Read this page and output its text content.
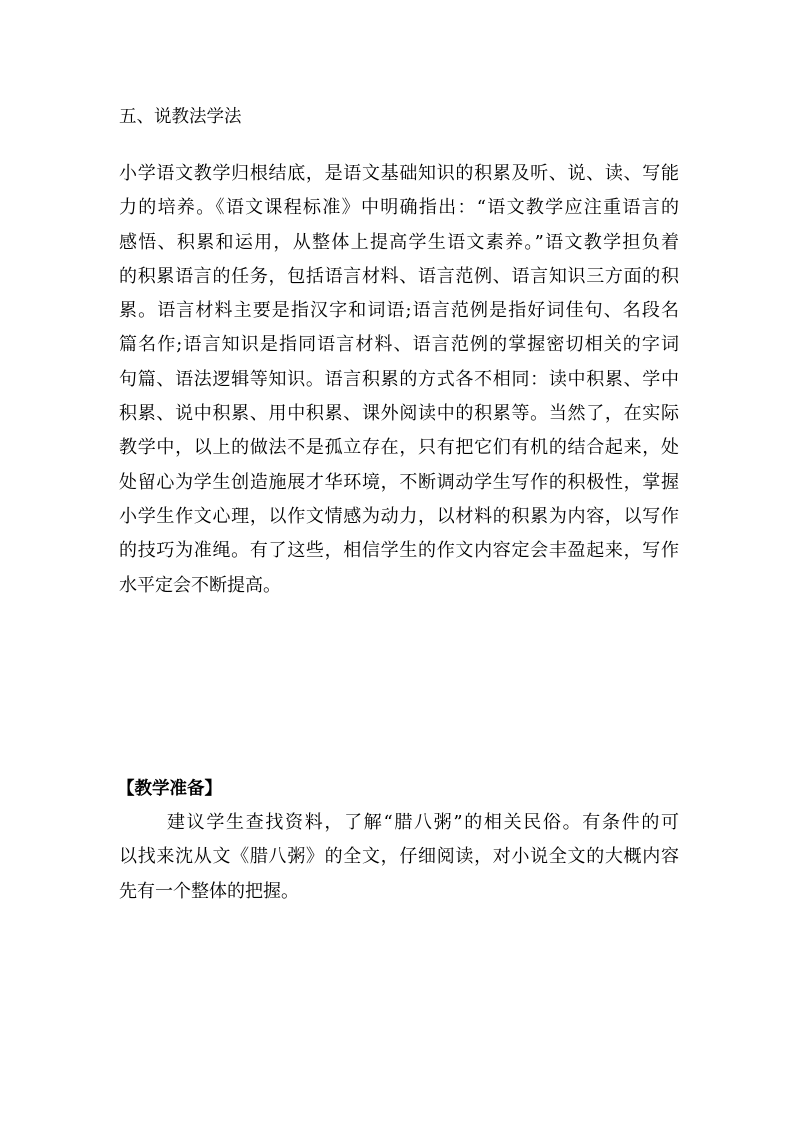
五、说教法学法
小学语文教学归根结底，是语文基础知识的积累及听、说、读、写能
力的培养。《语文课程标准》中明确指出：“语文教学应注重语言的
感悟、积累和运用，从整体上提高学生语文素养。”语文教学担负着
的积累语言的任务，包括语言材料、语言范例、语言知识三方面的积
累。语言材料主要是指汉字和词语;语言范例是指好词佳句、名段名
篇名作;语言知识是指同语言材料、语言范例的掌握密切相关的字词
句篇、语法逻辑等知识。语言积累的方式各不相同：读中积累、学中
积累、说中积累、用中积累、课外阅读中的积累等。当然了，在实际
教学中，以上的做法不是孤立存在，只有把它们有机的结合起来，处
处留心为学生创造施展才华环境，不断调动学生写作的积极性，掌握
小学生作文心理，以作文情感为动力，以材料的积累为内容，以写作
的技巧为准绳。有了这些，相信学生的作文内容定会丰盈起来，写作
水平定会不断提高。
【教学准备】
建议学生查找资料，了解“腊八粥”的相关民俗。有条件的可
以找来沈从文《腊八粥》的全文，仔细阅读，对小说全文的大概内容
先有一个整体的把握。
